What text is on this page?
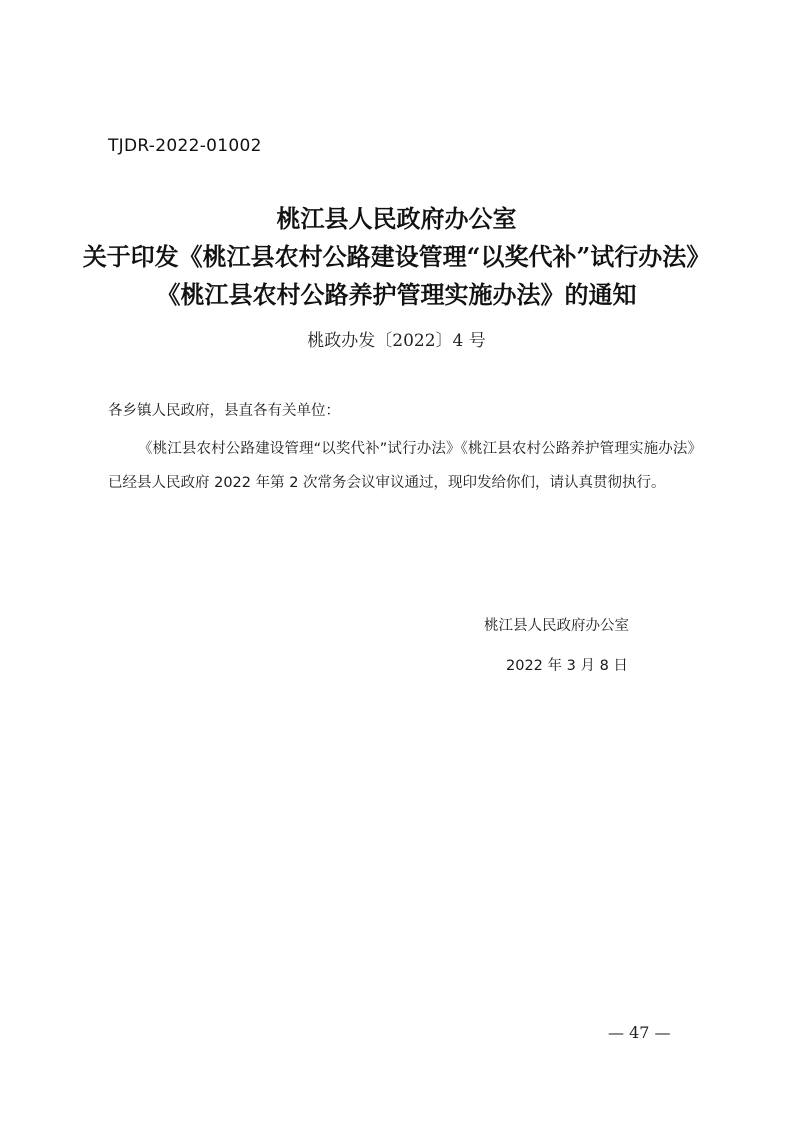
TJDR-2022-01002
桃江县人民政府办公室
关于印发《桃江县农村公路建设管理“以奖代补”试行办法》
《桃江县农村公路养护管理实施办法》的通知
桃政办发〔2022〕4 号
各乡镇人民政府，县直各有关单位：
《桃江县农村公路建设管理“以奖代补”试行办法》《桃江县农村公路养护管理实施办法》已经县人民政府 2022 年第 2 次常务会议审议通过，现印发给你们，请认真贯彻执行。
桃江县人民政府办公室
2022 年 3 月 8 日
— 47 —
